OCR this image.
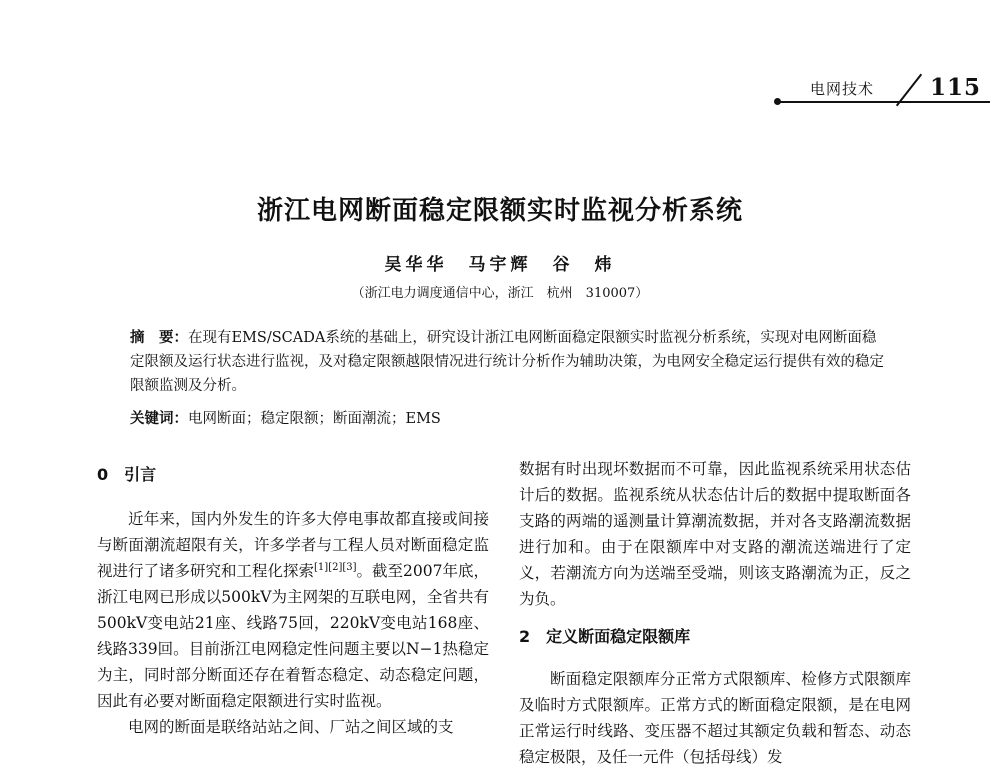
电网技术 115
浙江电网断面稳定限额实时监视分析系统
吴华华　马宇辉　谷　炜
（浙江电力调度通信中心，浙江　杭州　310007）
摘　要：在现有EMS/SCADA系统的基础上，研究设计浙江电网断面稳定限额实时监视分析系统，实现对电网断面稳定限额及运行状态进行监视，及对稳定限额越限情况进行统计分析作为辅助决策，为电网安全稳定运行提供有效的稳定限额监测及分析。
关键词：电网断面；稳定限额；断面潮流；EMS
0　引言

近年来，国内外发生的许多大停电事故都直接或间接与断面潮流超限有关，许多学者与工程人员对断面稳定监视进行了诸多研究和工程化探索[1][2][3]。截至2007年底，浙江电网已形成以500kV为主网架的互联电网，全省共有500kV变电站21座、线路75回，220kV变电站168座、线路339回。目前浙江电网稳定性问题主要以N−1热稳定为主，同时部分断面还存在着暂态稳定、动态稳定问题，因此有必要对断面稳定限额进行实时监视。

电网的断面是联络站站之间、厂站之间区域的支

数据有时出现坏数据而不可靠，因此监视系统采用状态估计后的数据。监视系统从状态估计后的数据中提取断面各支路的两端的遥测量计算潮流数据，并对各支路潮流数据进行加和。由于在限额库中对支路的潮流送端进行了定义，若潮流方向为送端至受端，则该支路潮流为正，反之为负。

2　定义断面稳定限额库

断面稳定限额库分正常方式限额库、检修方式限额库及临时方式限额库。正常方式的断面稳定限额，是在电网正常运行时线路、变压器不超过其额定负载和暂态、动态稳定极限，及任一元件（包括母线）发
